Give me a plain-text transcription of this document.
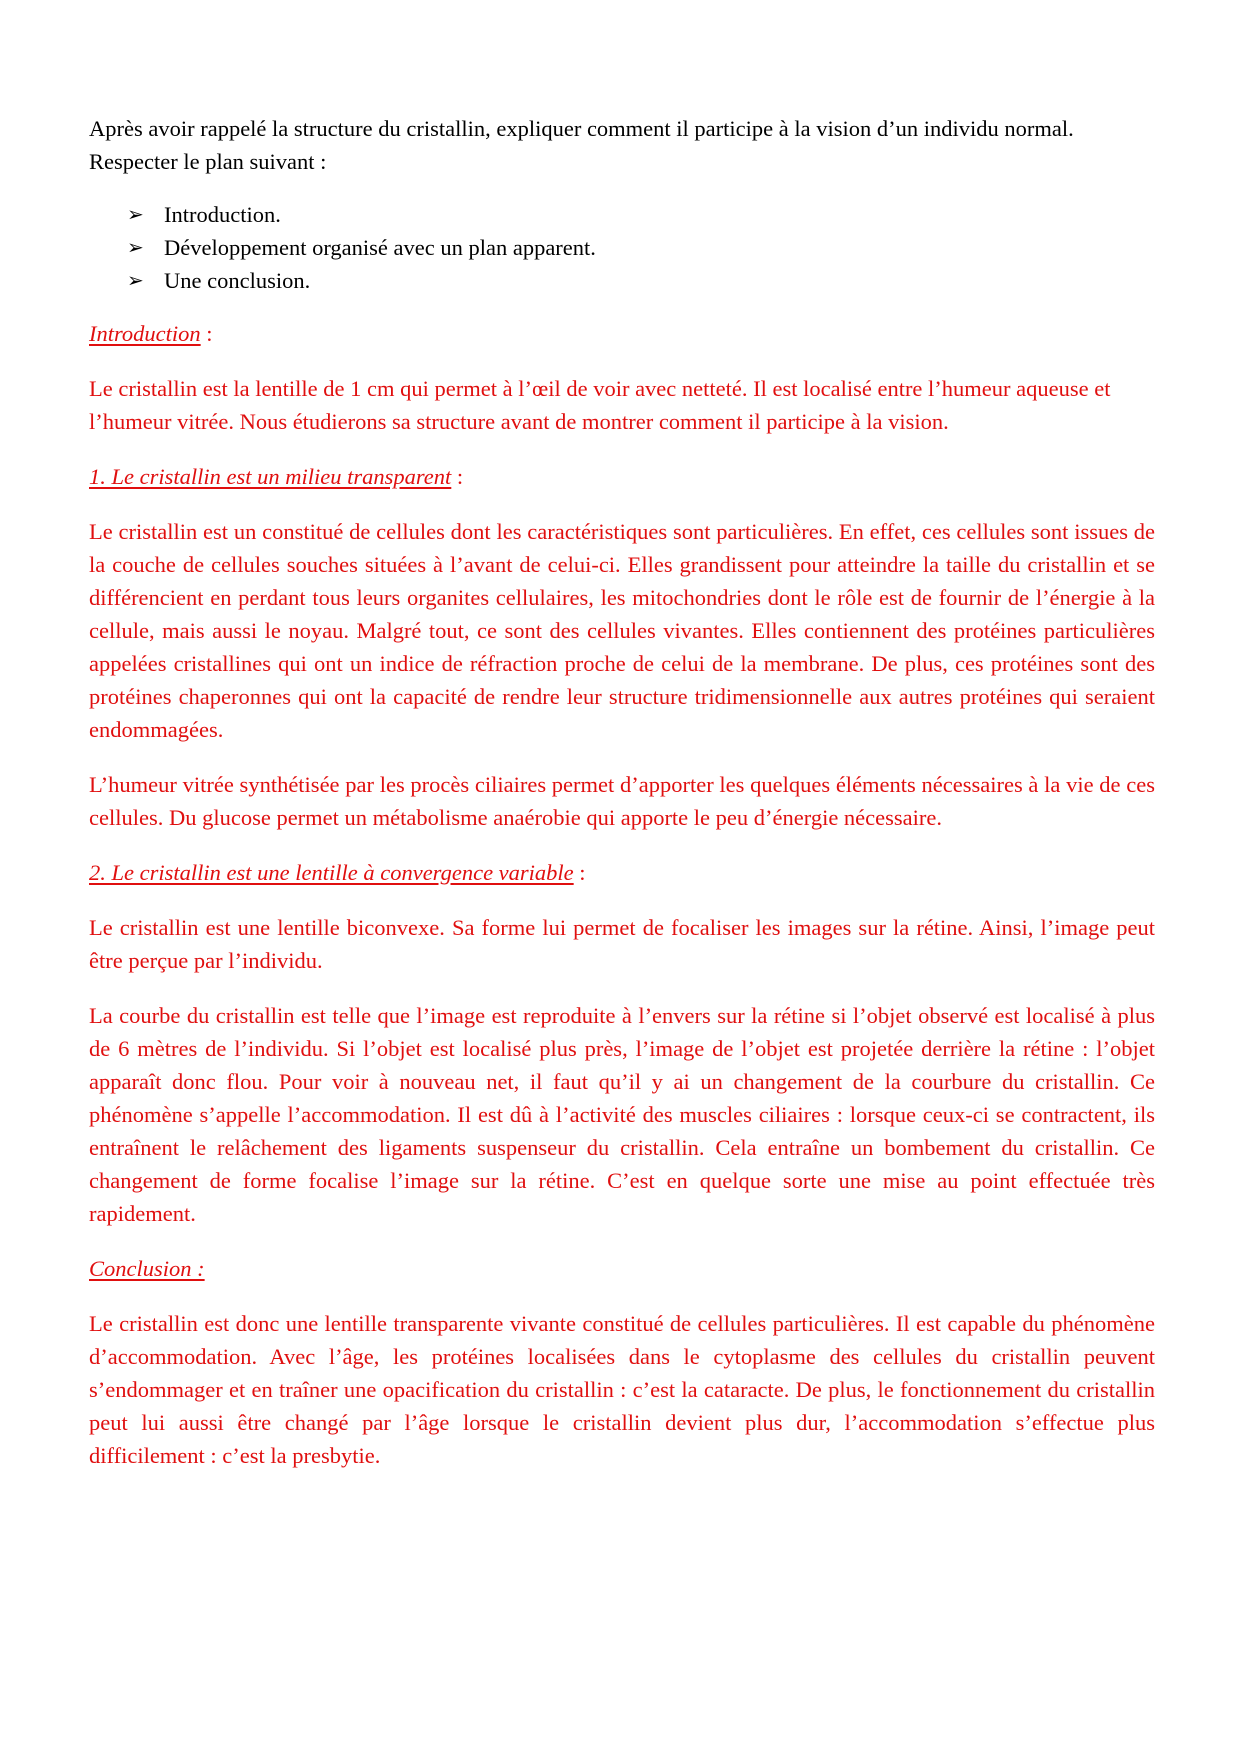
Après avoir rappelé la structure du cristallin, expliquer comment il participe à la vision d’un individu normal. Respecter le plan suivant :

➢ Introduction.
➢ Développement organisé avec un plan apparent.
➢ Une conclusion.

Introduction :

Le cristallin est la lentille de 1 cm qui permet à l’œil de voir avec netteté. Il est localisé entre l’humeur aqueuse et l’humeur vitrée. Nous étudierons sa structure avant de montrer comment il participe à la vision.

1. Le cristallin est un milieu transparent :

Le cristallin est un constitué de cellules dont les caractéristiques sont particulières. En effet, ces cellules sont issues de la couche de cellules souches situées à l’avant de celui-ci. Elles grandissent pour atteindre la taille du cristallin et se différencient en perdant tous leurs organites cellulaires, les mitochondries dont le rôle est de fournir de l’énergie à la cellule, mais aussi le noyau. Malgré tout, ce sont des cellules vivantes. Elles contiennent des protéines particulières appelées cristallines qui ont un indice de réfraction proche de celui de la membrane. De plus, ces protéines sont des protéines chaperonnes qui ont la capacité de rendre leur structure tridimensionnelle aux autres protéines qui seraient endommagées.

L’humeur vitrée synthétisée par les procès ciliaires permet d’apporter les quelques éléments nécessaires à la vie de ces cellules. Du glucose permet un métabolisme anaérobie qui apporte le peu d’énergie nécessaire.

2. Le cristallin est une lentille à convergence variable :

Le cristallin est une lentille biconvexe. Sa forme lui permet de focaliser les images sur la rétine. Ainsi, l’image peut être perçue par l’individu.

La courbe du cristallin est telle que l’image est reproduite à l’envers sur la rétine si l’objet observé est localisé à plus de 6 mètres de l’individu. Si l’objet est localisé plus près, l’image de l’objet est projetée derrière la rétine : l’objet apparaît donc flou. Pour voir à nouveau net, il faut qu’il y ai un changement de la courbure du cristallin. Ce phénomène s’appelle l’accommodation. Il est dû à l’activité des muscles ciliaires : lorsque ceux-ci se contractent, ils entraînent le relâchement des ligaments suspenseur du cristallin. Cela entraîne un bombement du cristallin. Ce changement de forme focalise l’image sur la rétine. C’est en quelque sorte une mise au point effectuée très rapidement.

Conclusion :

Le cristallin est donc une lentille transparente vivante constitué de cellules particulières. Il est capable du phénomène d’accommodation. Avec l’âge, les protéines localisées dans le cytoplasme des cellules du cristallin peuvent s’endommager et en traîner une opacification du cristallin : c’est la cataracte. De plus, le fonctionnement du cristallin peut lui aussi être changé par l’âge lorsque le cristallin devient plus dur, l’accommodation s’effectue plus difficilement : c’est la presbytie.
